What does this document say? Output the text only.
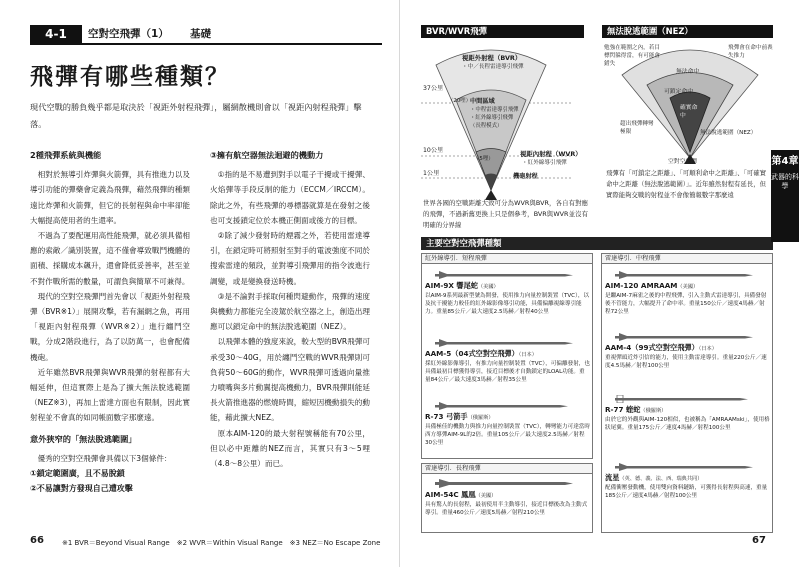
4-1	空對空飛彈（1） 基礎
飛彈有哪些種類？
現代空戰的勝負幾乎都是取決於「視距外射程飛彈」，屬網散機則會以「視距內射程飛彈」擊落。
2種飛彈系統與機能

相對於無導引炸彈與火箭彈，具有推進力以及導引功能的彈藥會定義為飛彈，藉然飛彈的種類遠比炸彈和火箭彈，但它的長射程與命中率卻能大幅提高使用者的生還率。

不過為了要配運用高性能飛彈，就必須具備相應的索敵／識別裝置，這不僅會導致戰鬥機體的面積、採購成本飆升，還會降低妥善率，甚至並不對作戰所需的數量，可謂負與簡單不可兼得。

現代的空對空飛彈門首先會以「視距外射程飛彈（BVR※1）」展開攻擊，若有漏網之魚，再用「視距內射程飛彈（WVR※2）」進行纏鬥空戰，分成2階段進行，為了以防萬一，也會配備機砲。

近年雖然BVR飛彈與WVR飛彈的射程都有大幅延伸，但這實際上是為了擴大無法脫逃範圍（NEZ※3），再加上雷達方面也有限制，因此實射程並不會真的如同帳面數字那麼遠。

意外狹窄的「無法脫逃範圍」

優秀的空對空飛彈會具備以下3個條件：

①鎖定範圍廣，且不易脫鎖
②不易讓對方發現自己遭攻擊
③擁有航空器無法迴避的機動力

①指的是不易遭到對手以電子干擾或干擾彈、火焰彈等手段反制的能力（ECCM／IRCCM）。除此之外，有些飛彈的尋標器就算是在發射之後也可支援鎖定位於本機正側面或後方的目標。

②除了減少發射時的煙霧之外，若使用雷達導引，在鎖定時可將照射至對手的電波強度不同於搜索雷達的頻段，並對導引飛彈用的指令波進行調變，或是變換發送時機。

③是不論對手採取何種閃避動作，飛彈的速度與機動力都能完全凌駕於航空器之上，創造出理應可以鎖定命中的無法脫逃範圍（NEZ）。

以飛彈本體的強度來說，較大型的BVR飛彈可承受30～40G，用於纏鬥空戰的WVR飛彈則可負荷50～60G的動作，WVR飛彈可透過向量推力噴嘴與多片動翼提高機動力，BVR飛彈則能延長火箭推進器的燃燒時間，縮短因機動損失的動能，藉此擴大NEZ。

原本AIM-120的最大射程號稱能有70公里，但以必中距離的NEZ而言，其實只有3～5哩（4.8～8公里）而已。

66	※1 BVR＝Beyond Visual Range　※2 WVR＝Within Visual Range　※3 NEZ＝No Escape Zone
BVR/WVR飛彈
視距外射程（BVR）
・中／長程雷達導引飛彈
中間區域
・中程雷達導引飛彈
・紅外線導引飛彈
（長程模式）
37公里
（20哩）
10公里
（5哩）
1公里
視距內射程（WVR）
・紅外線導引飛彈
機砲射程
世界各國的空戰距離大致可分為WVR與BVR，各自有對應的飛彈，不過新舊更換上只是個參考，BVR與WVR並沒有明確的分界線
無法脫逃範圍（NEZ）
勉強在範圍之內，若目標閃躲得當，有可能會錯失
飛彈會在命中前喪失推力
無法命中
可鎖定命中
確實命中
超出飛彈轉彎極限	無法脫逃範圍（NEZ）
空對空飛彈
飛彈有「可鎖定之距離」、「可順利命中之距離」、「可確實命中之距離（無法脫逃範圍）」。近年雖然射程有延長，但實際能夠交戰的射程並不會像簡報數字那麼遠
主要空對空飛彈種類
紅外線導引．短程飛彈
AIM-9X 響尾蛇（美國）
以AIM-9系列最新型號為開發，使用推力向量控制裝置（TVC），以及抗干擾能力較佳的紅外線影像導引功能，具備偏離視線導引能力。重量85公斤／最大速度2.5馬赫／射程40公里
AAM-5（04式空對空飛彈）（日本）
採紅外線影像導引，有推力向量控制裝置（TVC），可偏離發射，也具備最初目標獲得導引，接近目標後才自動鎖定的LOAL功能。重量84公斤／最大速度3馬赫／射程35公里
R-73 弓箭手（俄羅斯）
具備極佳的機動力與推力向量控制裝置（TVC），轉彎能力可達當時西方導彈AIM-9L的2倍。重量105公斤／最大速度2.5馬赫／射程30公里
雷達導引．長程飛彈
AIM-54C 鳳凰（美國）
具有驚人的長射程，最初使用半主動導引，接近目標後改為主動式導引。重量460公斤／速度5馬赫／射程210公里
雷達導引．中程飛彈
AIM-120 AMRAAM（美國）
是繼AIM-7麻雀之後的中程飛彈，引入主動式雷達導引，具備發射後不管能力，大幅提升了命中率。重量150公斤／速度4馬赫／射程72公里
AAM-4（99式空對空飛彈）（日本）
重視彈頭近炸引信的能力，使用主動雷達導引。重量220公斤／速度4.5馬赫／射程100公里
R-77 蝰蛇（俄羅斯）
由於它的外觀與AIM-120相似，也被稱為「AMRAAMski」，使用格狀尾翼。重量175公斤／速度4馬赫／射程100公里
流星（英、德、義、法、西、瑞典共同）
配備衝壓發動機，使用雙向資料鏈路，可獲得長射程與高速，重量185公斤／速度4馬赫／射程100公里
第4章
武器的科學
67
